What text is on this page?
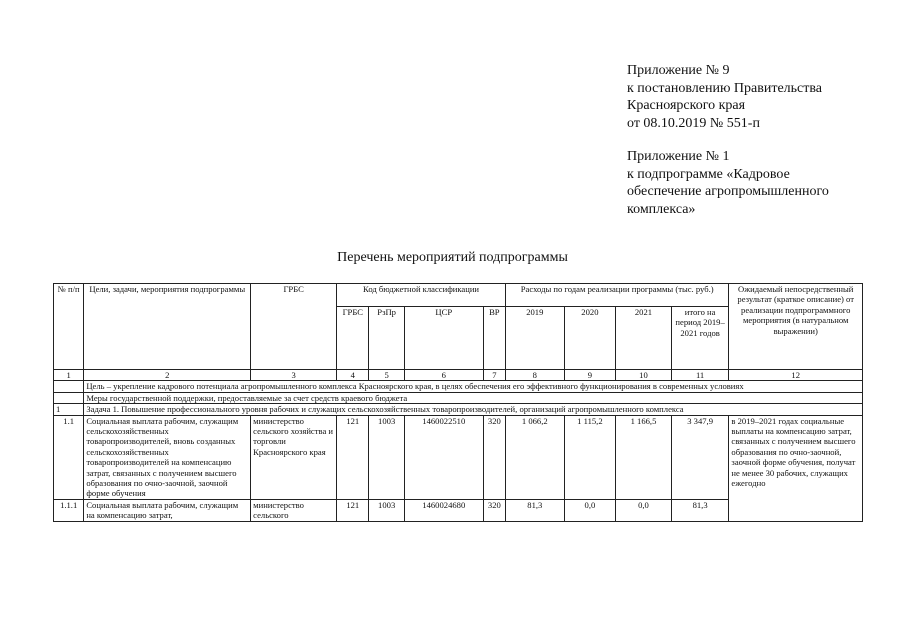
Приложение № 9
к постановлению Правительства
Красноярского края
от 08.10.2019 № 551-п
Приложение № 1
к подпрограмме «Кадровое
обеспечение агропромышленного
комплекса»
Перечень мероприятий подпрограммы
№ п/п	Цели, задачи, мероприятия подпрограммы	ГРБС	Код бюджетной классификации				Расходы по годам реализации программы (тыс. руб.)				Ожидаемый непосредственный результат (краткое описание) от реализации подпрограммного мероприятия (в натуральном выражении)
			ГРБС	РзПр	ЦСР	ВР	2019	2020	2021	итого на период 2019–2021 годов	
1	2	3	4	5	6	7	8	9	10	11	12
	Цель – укрепление кадрового потенциала агропромышленного комплекса Красноярского края, в целях обеспечения его эффективного функционирования в современных условиях										
	Меры государственной поддержки, предоставляемые за счет средств краевого бюджета										
1	Задача 1. Повышение профессионального уровня рабочих и служащих сельскохозяйственных товаропроизводителей, организаций агропромышленного комплекса										
1.1	Социальная выплата рабочим, служащим сельскохозяйственных товаропроизводителей, вновь созданных сельскохозяйственных товаропроизводителей на компенсацию затрат, связанных с получением высшего образования по очно-заочной, заочной форме обучения	министерство сельского хозяйства и торговли Красноярского края	121	1003	1460022510	320	1 066,2	1 115,2	1 166,5	3 347,9	в 2019–2021 годах социальные выплаты на компенсацию затрат, связанных с получением высшего образования по очно-заочной, заочной форме обучения, получат не менее 30 рабочих, служащих ежегодно
1.1.1	Социальная выплата рабочим, служащим на компенсацию затрат,	министерство сельского	121	1003	1460024680	320	81,3	0,0	0,0	81,3	
